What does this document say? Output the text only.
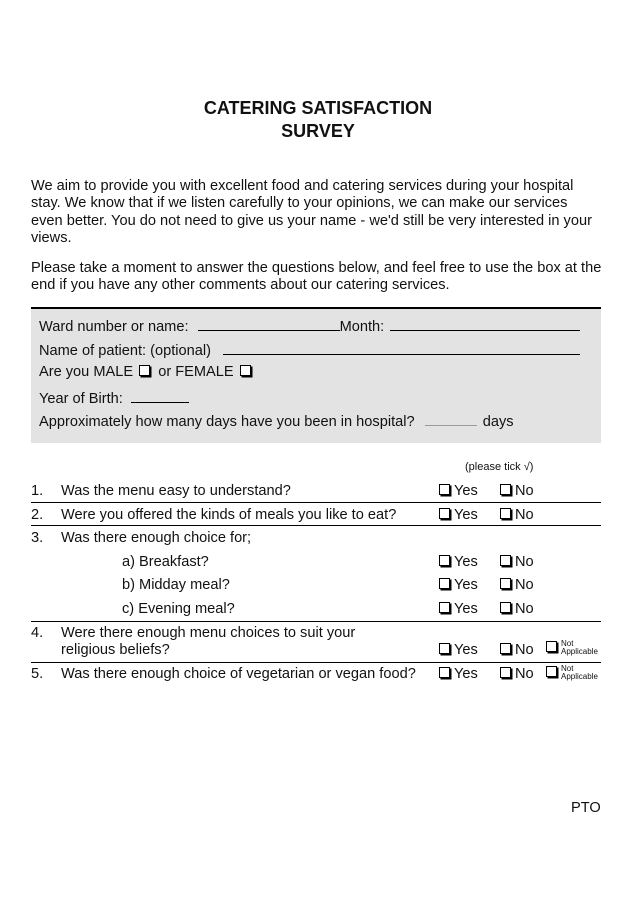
CATERING SATISFACTION
SURVEY
We aim to provide you with excellent food and catering services during your hospital stay. We know that if we listen carefully to your opinions, we can make our services even better. You do not need to give us your name - we'd still be very interested in your views.
Please take a moment to answer the questions below, and feel free to use the box at the end if you have any other comments about our catering services.
Ward number or name:	Month:
Name of patient: (optional)
Are you MALE or FEMALE
Year of Birth:
Approximately how many days have you been in hospital?	days
(please tick √)
1. Was the menu easy to understand?	Yes	No
2. Were you offered the kinds of meals you like to eat?	Yes	No
3. Was there enough choice for;
a) Breakfast?	Yes	No
b) Midday meal?	Yes	No
c) Evening meal?	Yes	No
4. Were there enough menu choices to suit your
religious beliefs?	Yes	No	Not
Applicable
5. Was there enough choice of vegetarian or vegan food?	Yes	No	Not
Applicable
PTO
